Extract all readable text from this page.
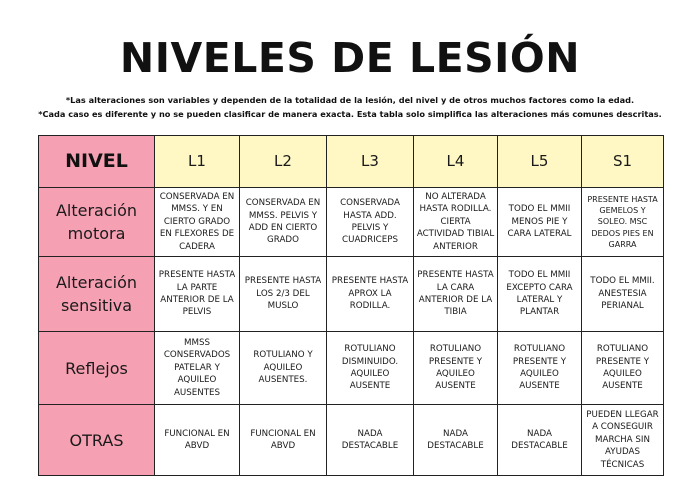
NIVELES DE LESIÓN
*Las alteraciones son variables y dependen de la totalidad de la lesión, del nivel y de otros muchos factores como la edad.
*Cada caso es diferente y no se pueden clasificar de manera exacta. Esta tabla solo simplifica las alteraciones más comunes descritas.
NIVEL	L1	L2	L3	L4	L5	S1
Alteración motora	CONSERVADA EN MMSS. Y EN CIERTO GRADO EN FLEXORES DE CADERA	CONSERVADA EN MMSS. PELVIS Y ADD EN CIERTO GRADO	CONSERVADA HASTA ADD. PELVIS Y CUADRICEPS	NO ALTERADA HASTA RODILLA. CIERTA ACTIVIDAD TIBIAL ANTERIOR	TODO EL MMII MENOS PIE Y CARA LATERAL	PRESENTE HASTA GEMELOS Y SOLEO. MSC DEDOS PIES EN GARRA
Alteración sensitiva	PRESENTE HASTA LA PARTE ANTERIOR DE LA PELVIS	PRESENTE HASTA LOS 2/3 DEL MUSLO	PRESENTE HASTA APROX LA RODILLA.	PRESENTE HASTA LA CARA ANTERIOR DE LA TIBIA	TODO EL MMII EXCEPTO CARA LATERAL Y PLANTAR	TODO EL MMII. ANESTESIA PERIANAL
Reflejos	MMSS CONSERVADOS PATELAR Y AQUILEO AUSENTES	ROTULIANO Y AQUILEO AUSENTES.	ROTULIANO DISMINUIDO. AQUILEO AUSENTE	ROTULIANO PRESENTE Y AQUILEO AUSENTE	ROTULIANO PRESENTE Y AQUILEO AUSENTE	ROTULIANO PRESENTE Y AQUILEO AUSENTE
OTRAS	FUNCIONAL EN ABVD	FUNCIONAL EN ABVD	NADA DESTACABLE	NADA DESTACABLE	NADA DESTACABLE	PUEDEN LLEGAR A CONSEGUIR MARCHA SIN AYUDAS TÉCNICAS
